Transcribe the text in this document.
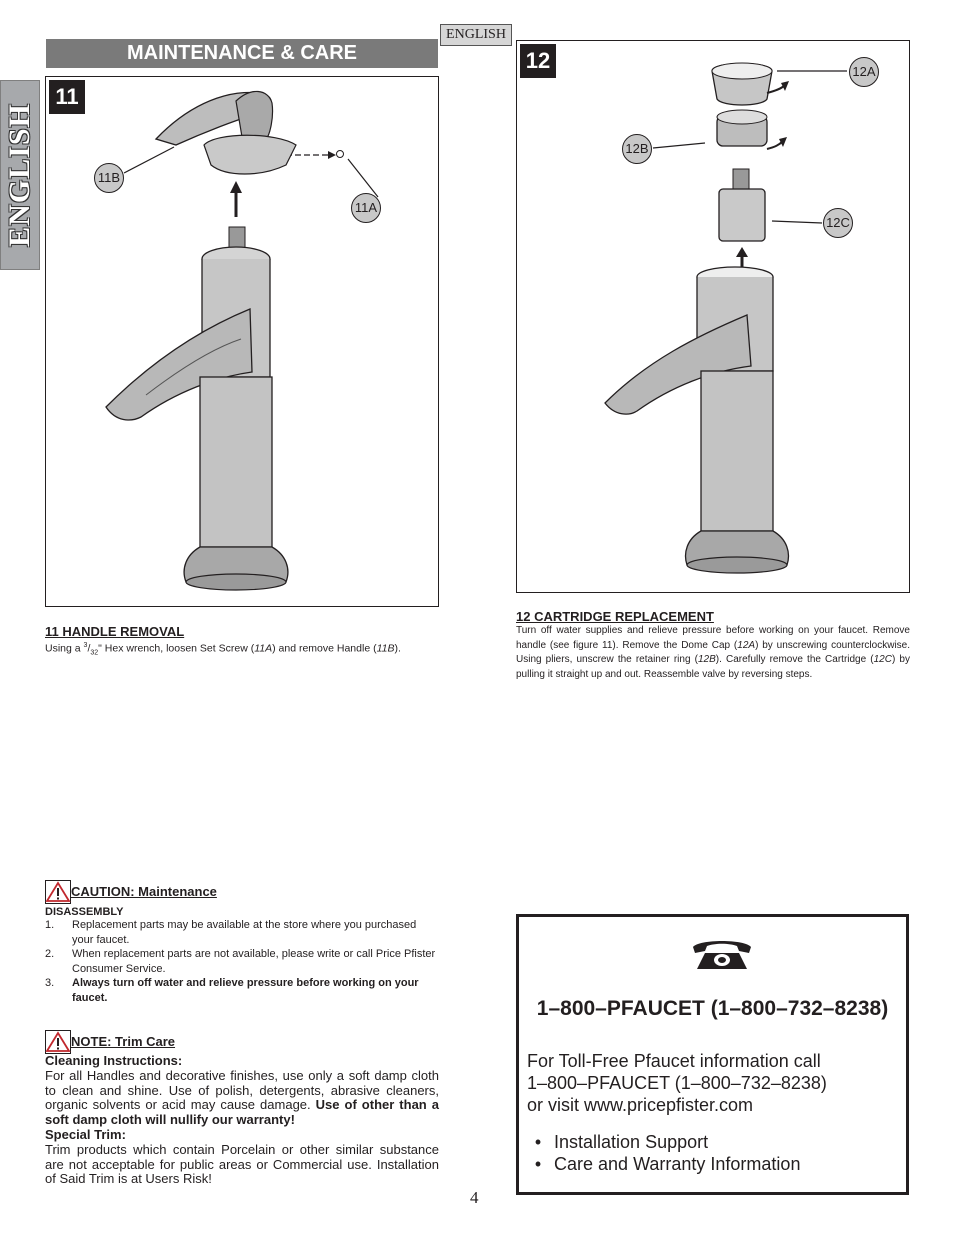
ENGLISH
ENGLISH
MAINTENANCE & CARE
11
11B
11A
12	12A
12B
12C
11 HANDLE REMOVAL
Using a $^3/_{32}$" Hex wrench, loosen Set Screw (11A) and remove Handle (11B).
12 CARTRIDGE REPLACEMENT
Turn off water supplies and relieve pressure before working on your faucet. Remove handle (see figure 11). Remove the Dome Cap (12A) by unscrewing counterclockwise. Using pliers, unscrew the retainer ring (12B). Carefully remove the Cartridge (12C) by pulling it straight up and out. Reassemble valve by reversing steps.
CAUTION: Maintenance
DISASSEMBLY
1.	Replacement parts may be available at the store where you purchased your faucet.
2.	When replacement parts are not available, please write or call Price Pfister Consumer Service.
3.	Always turn off water and relieve pressure before working on your faucet.
NOTE: Trim Care
Cleaning Instructions:
For all Handles and decorative finishes, use only a soft damp cloth to clean and shine. Use of polish, detergents, abrasive cleaners, organic solvents or acid may cause damage. Use of other than a soft damp cloth will nullify our warranty!
Special Trim:
Trim products which contain Porcelain or other similar substance are not acceptable for public areas or Commercial use. Installation of Said Trim is at Users Risk!
1–800–PFAUCET (1–800–732–8238)
For Toll-Free Pfaucet information call
1–800–PFAUCET (1–800–732–8238)
or visit www.pricepfister.com
• Installation Support
• Care and Warranty Information
4
